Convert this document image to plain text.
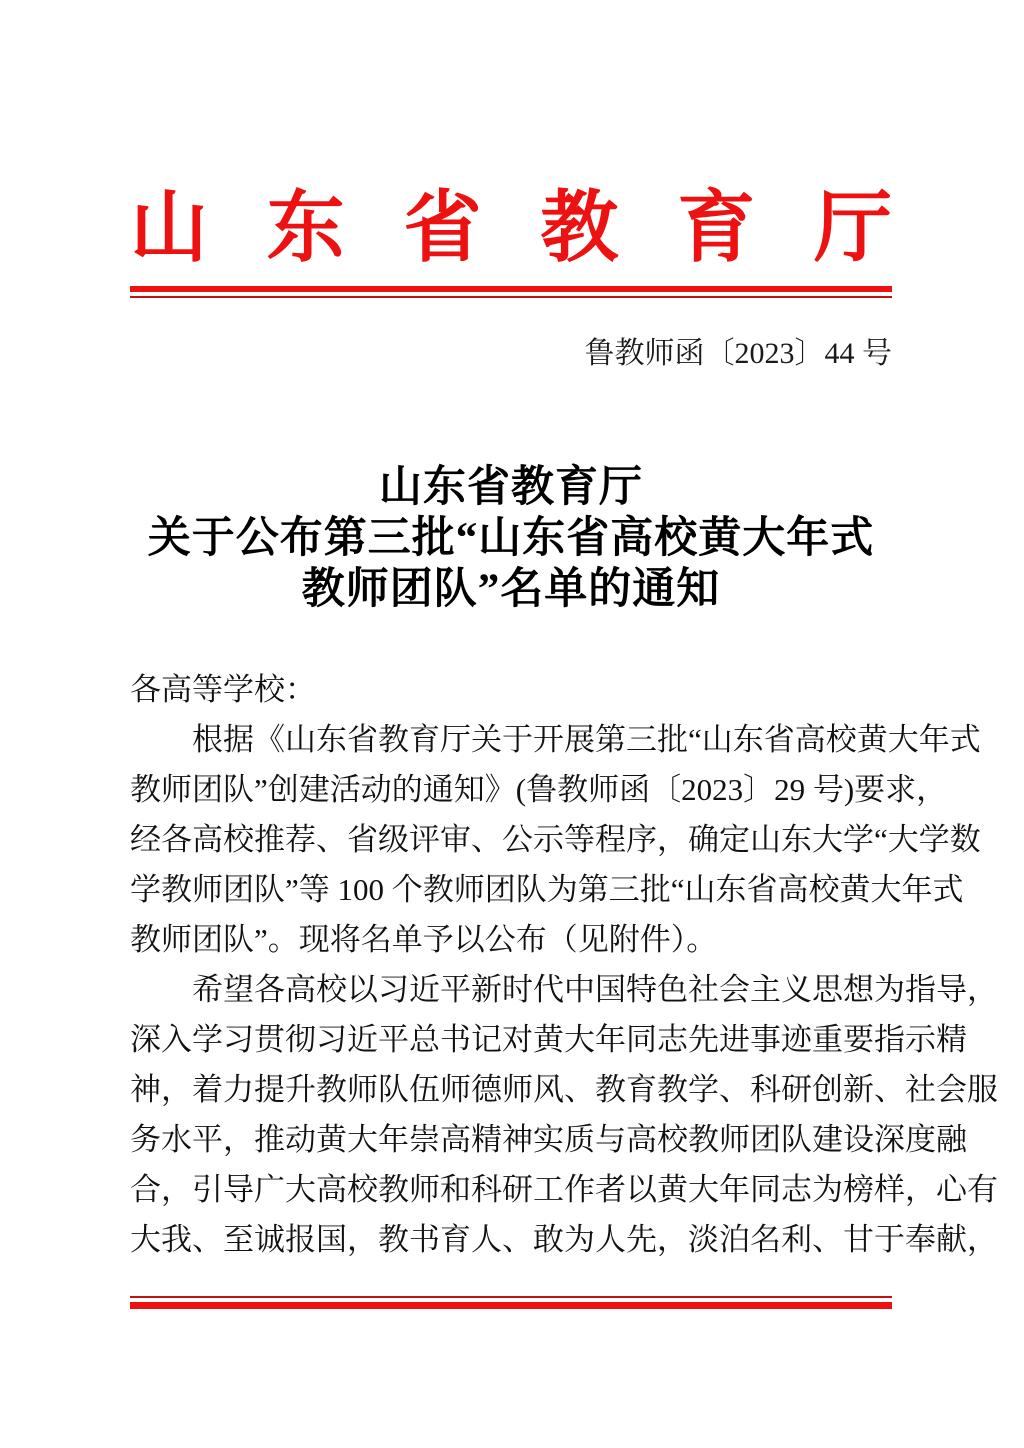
山 东 省 教 育 厅
鲁教师函〔2023〕44 号
山东省教育厅
关于公布第三批“山东省高校黄大年式
教师团队”名单的通知
各高等学校：
根据《山东省教育厅关于开展第三批“山东省高校黄大年式
教师团队”创建活动的通知》(鲁教师函〔2023〕29 号)要求，
经各高校推荐、省级评审、公示等程序，确定山东大学“大学数
学教师团队”等 100 个教师团队为第三批“山东省高校黄大年式
教师团队”。现将名单予以公布（见附件）。
希望各高校以习近平新时代中国特色社会主义思想为指导，
深入学习贯彻习近平总书记对黄大年同志先进事迹重要指示精
神，着力提升教师队伍师德师风、教育教学、科研创新、社会服
务水平，推动黄大年崇高精神实质与高校教师团队建设深度融
合，引导广大高校教师和科研工作者以黄大年同志为榜样，心有
大我、至诚报国，教书育人、敢为人先，淡泊名利、甘于奉献，
